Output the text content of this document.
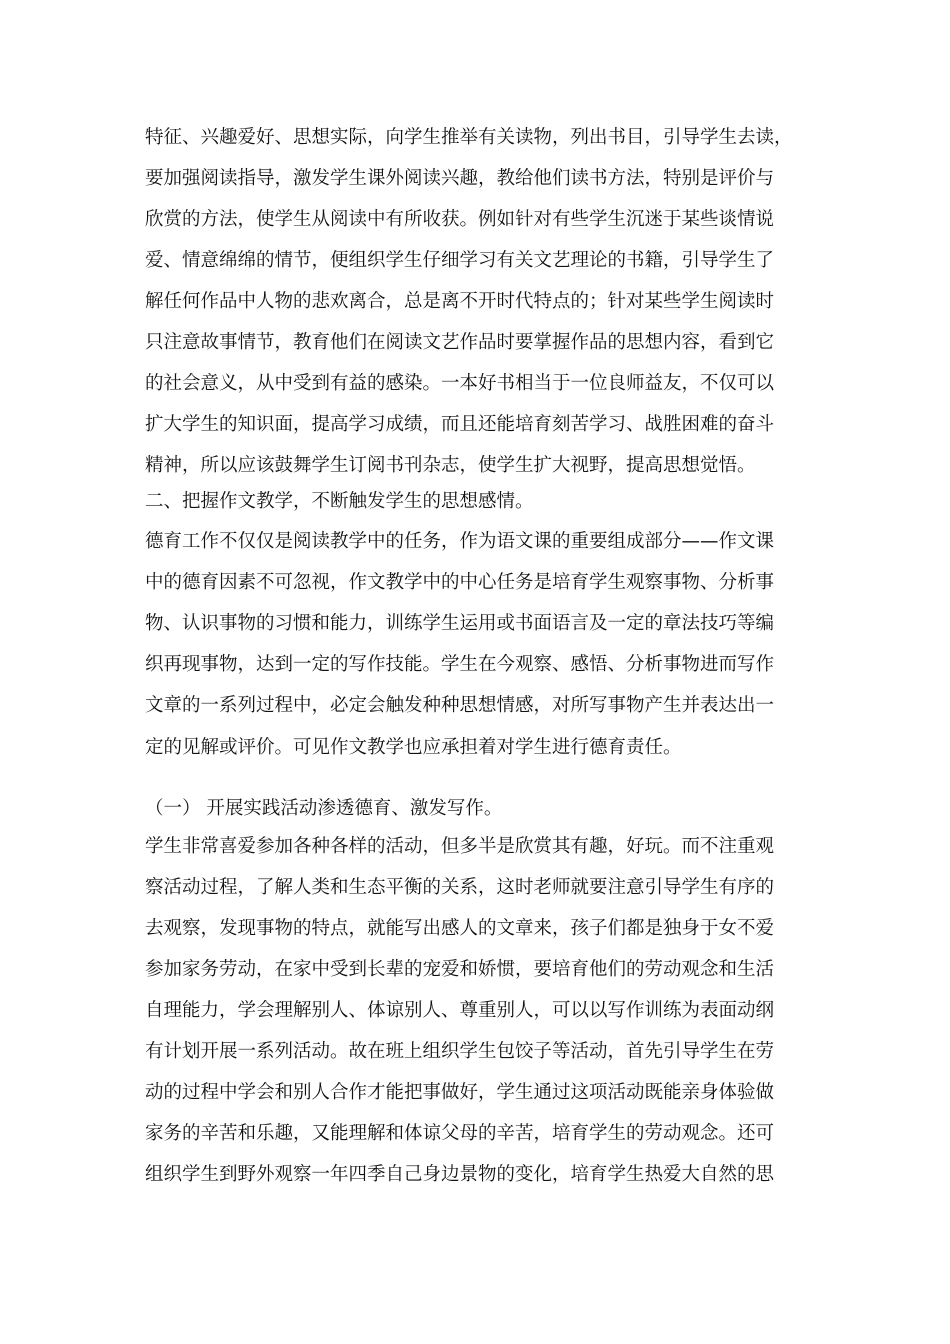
特征、兴趣爱好、思想实际，向学生推举有关读物，列出书目，引导学生去读，
要加强阅读指导，激发学生课外阅读兴趣，教给他们读书方法，特别是评价与
欣赏的方法，使学生从阅读中有所收获。例如针对有些学生沉迷于某些谈情说
爱、情意绵绵的情节，便组织学生仔细学习有关文艺理论的书籍，引导学生了
解任何作品中人物的悲欢离合，总是离不开时代特点的；针对某些学生阅读时
只注意故事情节，教育他们在阅读文艺作品时要掌握作品的思想内容，看到它
的社会意义，从中受到有益的感染。一本好书相当于一位良师益友，不仅可以
扩大学生的知识面，提高学习成绩，而且还能培育刻苦学习、战胜困难的奋斗
精神，所以应该鼓舞学生订阅书刊杂志，使学生扩大视野，提高思想觉悟。
二、把握作文教学，不断触发学生的思想感情。
德育工作不仅仅是阅读教学中的任务，作为语文课的重要组成部分——作文课
中的德育因素不可忽视，作文教学中的中心任务是培育学生观察事物、分析事
物、认识事物的习惯和能力，训练学生运用或书面语言及一定的章法技巧等编
织再现事物，达到一定的写作技能。学生在今观察、感悟、分析事物进而写作
文章的一系列过程中，必定会触发种种思想情感，对所写事物产生并表达出一
定的见解或评价。可见作文教学也应承担着对学生进行德育责任。
（一） 开展实践活动渗透德育、激发写作。
学生非常喜爱参加各种各样的活动，但多半是欣赏其有趣，好玩。而不注重观
察活动过程，了解人类和生态平衡的关系，这时老师就要注意引导学生有序的
去观察，发现事物的特点，就能写出感人的文章来，孩子们都是独身于女不爱
参加家务劳动，在家中受到长辈的宠爱和娇惯，要培育他们的劳动观念和生活
自理能力，学会理解别人、体谅别人、尊重别人，可以以写作训练为表面动纲
有计划开展一系列活动。故在班上组织学生包饺子等活动，首先引导学生在劳
动的过程中学会和别人合作才能把事做好，学生通过这项活动既能亲身体验做
家务的辛苦和乐趣，又能理解和体谅父母的辛苦，培育学生的劳动观念。还可
组织学生到野外观察一年四季自己身边景物的变化，培育学生热爱大自然的思
